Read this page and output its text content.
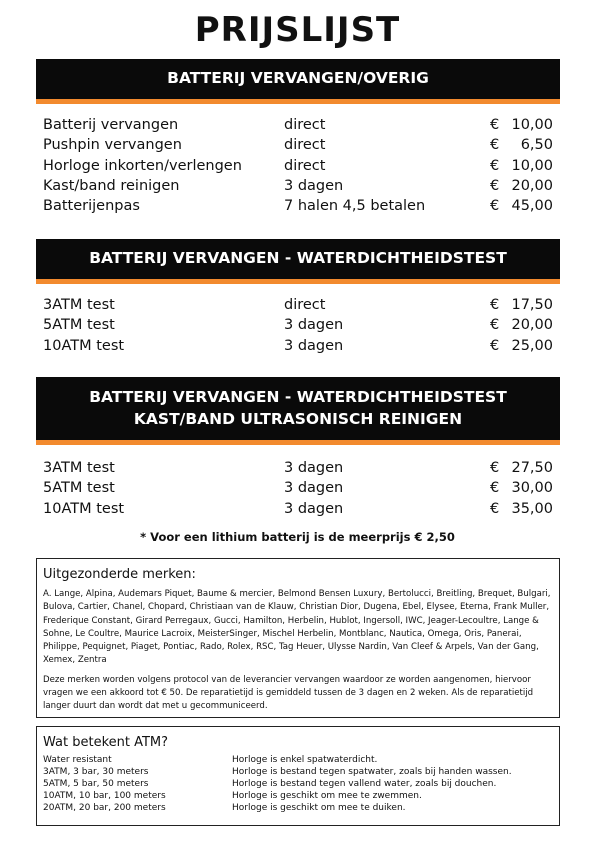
PRIJSLIJST
BATTERIJ VERVANGEN/OVERIG
Batterij vervangen	direct	€ 10,00
Pushpin vervangen	direct	€ 6,50
Horloge inkorten/verlengen	direct	€ 10,00
Kast/band reinigen	3 dagen	€ 20,00
Batterijenpas	7 halen 4,5 betalen	€ 45,00
BATTERIJ VERVANGEN - WATERDICHTHEIDSTEST
3ATM test	direct	€ 17,50
5ATM test	3 dagen	€ 20,00
10ATM test	3 dagen	€ 25,00
BATTERIJ VERVANGEN - WATERDICHTHEIDSTEST
KAST/BAND ULTRASONISCH REINIGEN
3ATM test	3 dagen	€ 27,50
5ATM test	3 dagen	€ 30,00
10ATM test	3 dagen	€ 35,00
* Voor een lithium batterij is de meerprijs € 2,50
Uitgezonderde merken:
A. Lange, Alpina, Audemars Piquet, Baume & mercier, Belmond Bensen Luxury, Bertolucci, Breitling, Brequet, Bulgari, Bulova, Cartier, Chanel, Chopard, Christiaan van de Klauw, Christian Dior, Dugena, Ebel, Elysee, Eterna, Frank Muller, Frederique Constant, Girard Perregaux, Gucci, Hamilton, Herbelin, Hublot, Ingersoll, IWC, Jeager-Lecoultre, Lange & Sohne, Le Coultre, Maurice Lacroix, MeisterSinger, Mischel Herbelin, Montblanc, Nautica, Omega, Oris, Panerai, Philippe, Pequignet, Piaget, Pontiac, Rado, Rolex, RSC, Tag Heuer, Ulysse Nardin, Van Cleef & Arpels, Van der Gang, Xemex, Zentra
Deze merken worden volgens protocol van de leverancier vervangen waardoor ze worden aangenomen, hiervoor vragen we een akkoord tot € 50. De reparatietijd is gemiddeld tussen de 3 dagen en 2 weken. Als de reparatietijd langer duurt dan wordt dat met u gecommuniceerd.
Wat betekent ATM?
Water resistant	Horloge is enkel spatwaterdicht.
3ATM, 3 bar, 30 meters	Horloge is bestand tegen spatwater, zoals bij handen wassen.
5ATM, 5 bar, 50 meters	Horloge is bestand tegen vallend water, zoals bij douchen.
10ATM, 10 bar, 100 meters	Horloge is geschikt om mee te zwemmen.
20ATM, 20 bar, 200 meters	Horloge is geschikt om mee te duiken.
